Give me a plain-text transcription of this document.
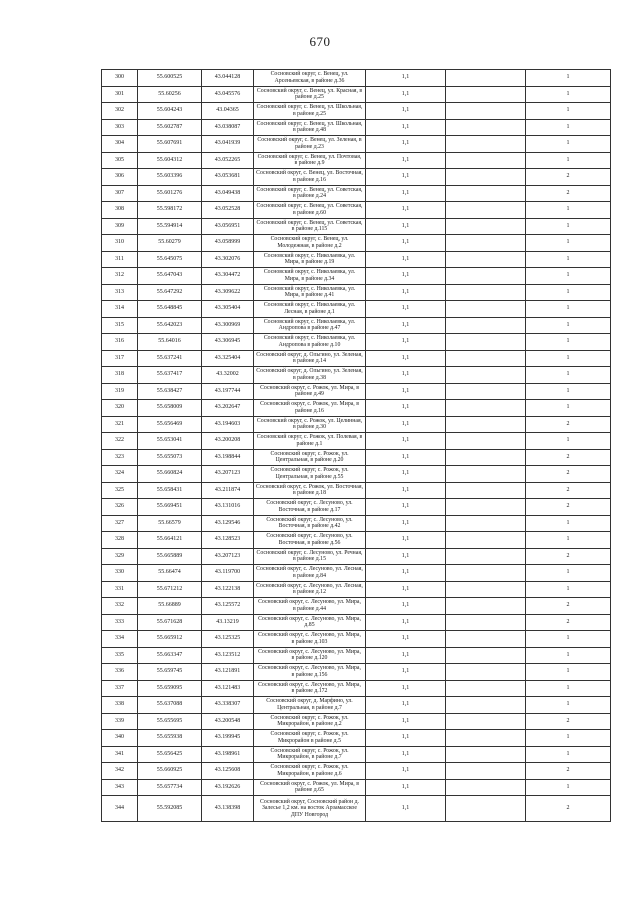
670
300	55.600525	43.044128	Сосновский округ, с. Венец, ул. Арсеньевская, в районе д.36	1,1		1
301	55.60256	43.045576	Сосновский округ, с. Венец, ул. Красная, в районе д.25	1,1		1
302	55.604243	43.04365	Сосновский округ, с. Венец, ул. Школьная, в районе д.25	1,1		1
303	55.602787	43.038087	Сосновский округ, с. Венец, ул. Школьная, в районе д.48	1,1		1
304	55.607691	43.041939	Сосновский округ, с. Венец, ул. Зеленая, в районе д.23	1,1		1
305	55.604312	43.052265	Сосновский округ, с. Венец, ул. Почтовая, в районе д.9	1,1		1
306	55.603396	43.053681	Сосновский округ, с. Венец, ул. Восточная, в районе д.16	1,1		2
307	55.601276	43.049438	Сосновский округ, с. Венец, ул. Советская, в районе д.24	1,1		2
308	55.598172	43.052528	Сосновский округ, с. Венец, ул. Советская, в районе д.60	1,1		1
309	55.594914	43.056951	Сосновский округ, с. Венец, ул. Советская, в районе д.115	1,1		1
310	55.60279	43.058999	Сосновский округ, с. Венец, ул. Молодежная, в районе д.2	1,1		1
311	55.645075	43.302076	Сосновский округ, с. Николаевка, ул. Мира, в районе д.19	1,1		1
312	55.647043	43.304472	Сосновский округ, с. Николаевка, ул. Мира, в районе д.34	1,1		1
313	55.647292	43.309622	Сосновский округ, с. Николаевка, ул. Мира, в районе д.41	1,1		1
314	55.648845	43.305404	Сосновский округ, с. Николаевка, ул. Лесная, в районе д.1	1,1		1
315	55.642023	43.300969	Сосновский округ, с. Николаевка, ул. Андропова в районе д.47	1,1		1
316	55.64016	43.306945	Сосновский округ, с. Николаевка, ул. Андропова в районе д.10	1,1		1
317	55.637241	43.325404	Сосновский округ, д. Ольгино, ул. Зеленая, в районе д.14	1,1		1
318	55.637417	43.32002	Сосновский округ, д. Ольгино, ул. Зеленая, в районе д.38	1,1		1
319	55.638427	43.197744	Сосновский округ, с. Рожок, ул. Мира, в районе д.49	1,1		1
320	55.658009	43.202647	Сосновский округ, с. Рожок, ул. Мира, в районе д.16	1,1		1
321	55.656469	43.194603	Сосновский округ, с. Рожок, ул. Целинная, в районе д.30	1,1		2
322	55.653041	43.200208	Сосновский округ, с. Рожок, ул. Полевая, в районе д.1	1,1		1
323	55.655073	43.198844	Сосновский округ, с. Рожок, ул. Центральная, в районе д.20	1,1		2
324	55.660824	43.207123	Сосновский округ, с. Рожок, ул. Центральная, в районе д.55	1,1		2
325	55.658431	43.211874	Сосновский округ, с. Рожок, ул. Восточная, в районе д.18	1,1		2
326	55.669451	43.131016	Сосновский округ, с. Лесуново, ул. Восточная, в районе д.17	1,1		2
327	55.66579	43.129546	Сосновский округ, с. Лесуново, ул. Восточная, в районе д.42	1,1		1
328	55.664121	43.128523	Сосновский округ, с. Лесуново, ул. Восточная, в районе д.56	1,1		1
329	55.665889	43.207123	Сосновский округ, с. Лесуново, ул. Речная, в районе д.15	1,1		2
330	55.66474	43.119700	Сосновский округ, с. Лесуново, ул. Лесная, в районе д.84	1,1		1
331	55.671212	43.122138	Сосновский округ, с. Лесуново, ул. Лесная, в районе д.12	1,1		1
332	55.66889	43.125572	Сосновский округ, с. Лесуново, ул. Мира, в районе д.44	1,1		2
333	55.671628	43.13219	Сосновский округ, с. Лесуново, ул. Мира, д.85	1,1		2
334	55.665912	43.125325	Сосновский округ, с. Лесуново, ул. Мира, в районе д.103	1,1		1
335	55.663347	43.123512	Сосновский округ, с. Лесуново, ул. Мира, в районе д.120	1,1		1
336	55.659745	43.121891	Сосновский округ, с. Лесуново, ул. Мира, в районе д.156	1,1		1
337	55.659095	43.121483	Сосновский округ, с. Лесуново, ул. Мира, в районе д.172	1,1		1
338	55.637088	43.338307	Сосновский округ, д. Марфино, ул. Центральная, в районе д.7	1,1		1
339	55.655695	43.200548	Сосновский округ, с. Рожок, ул. Микрорайон, в районе д.2	1,1		2
340	55.655938	43.199945	Сосновский округ, с. Рожок, ул. Микрорайон в районе д.5	1,1		1
341	55.656425	43.198961	Сосновский округ, с. Рожок, ул. Микрорайон, в районе д.7	1,1		1
342	55.660925	43.125608	Сосновский округ, с. Рожок, ул. Микрорайон, в районе д.6	1,1		2
343	55.657734	43.192626	Сосновский округ, с. Рожок, ул. Мира, в районе д.65	1,1		1
344	55.592085	43.138398	Сосновский округ, Сосновский район д. Залесье 1,2 км. на восток Арзамасское ДПУ Новгород	1,1		2
